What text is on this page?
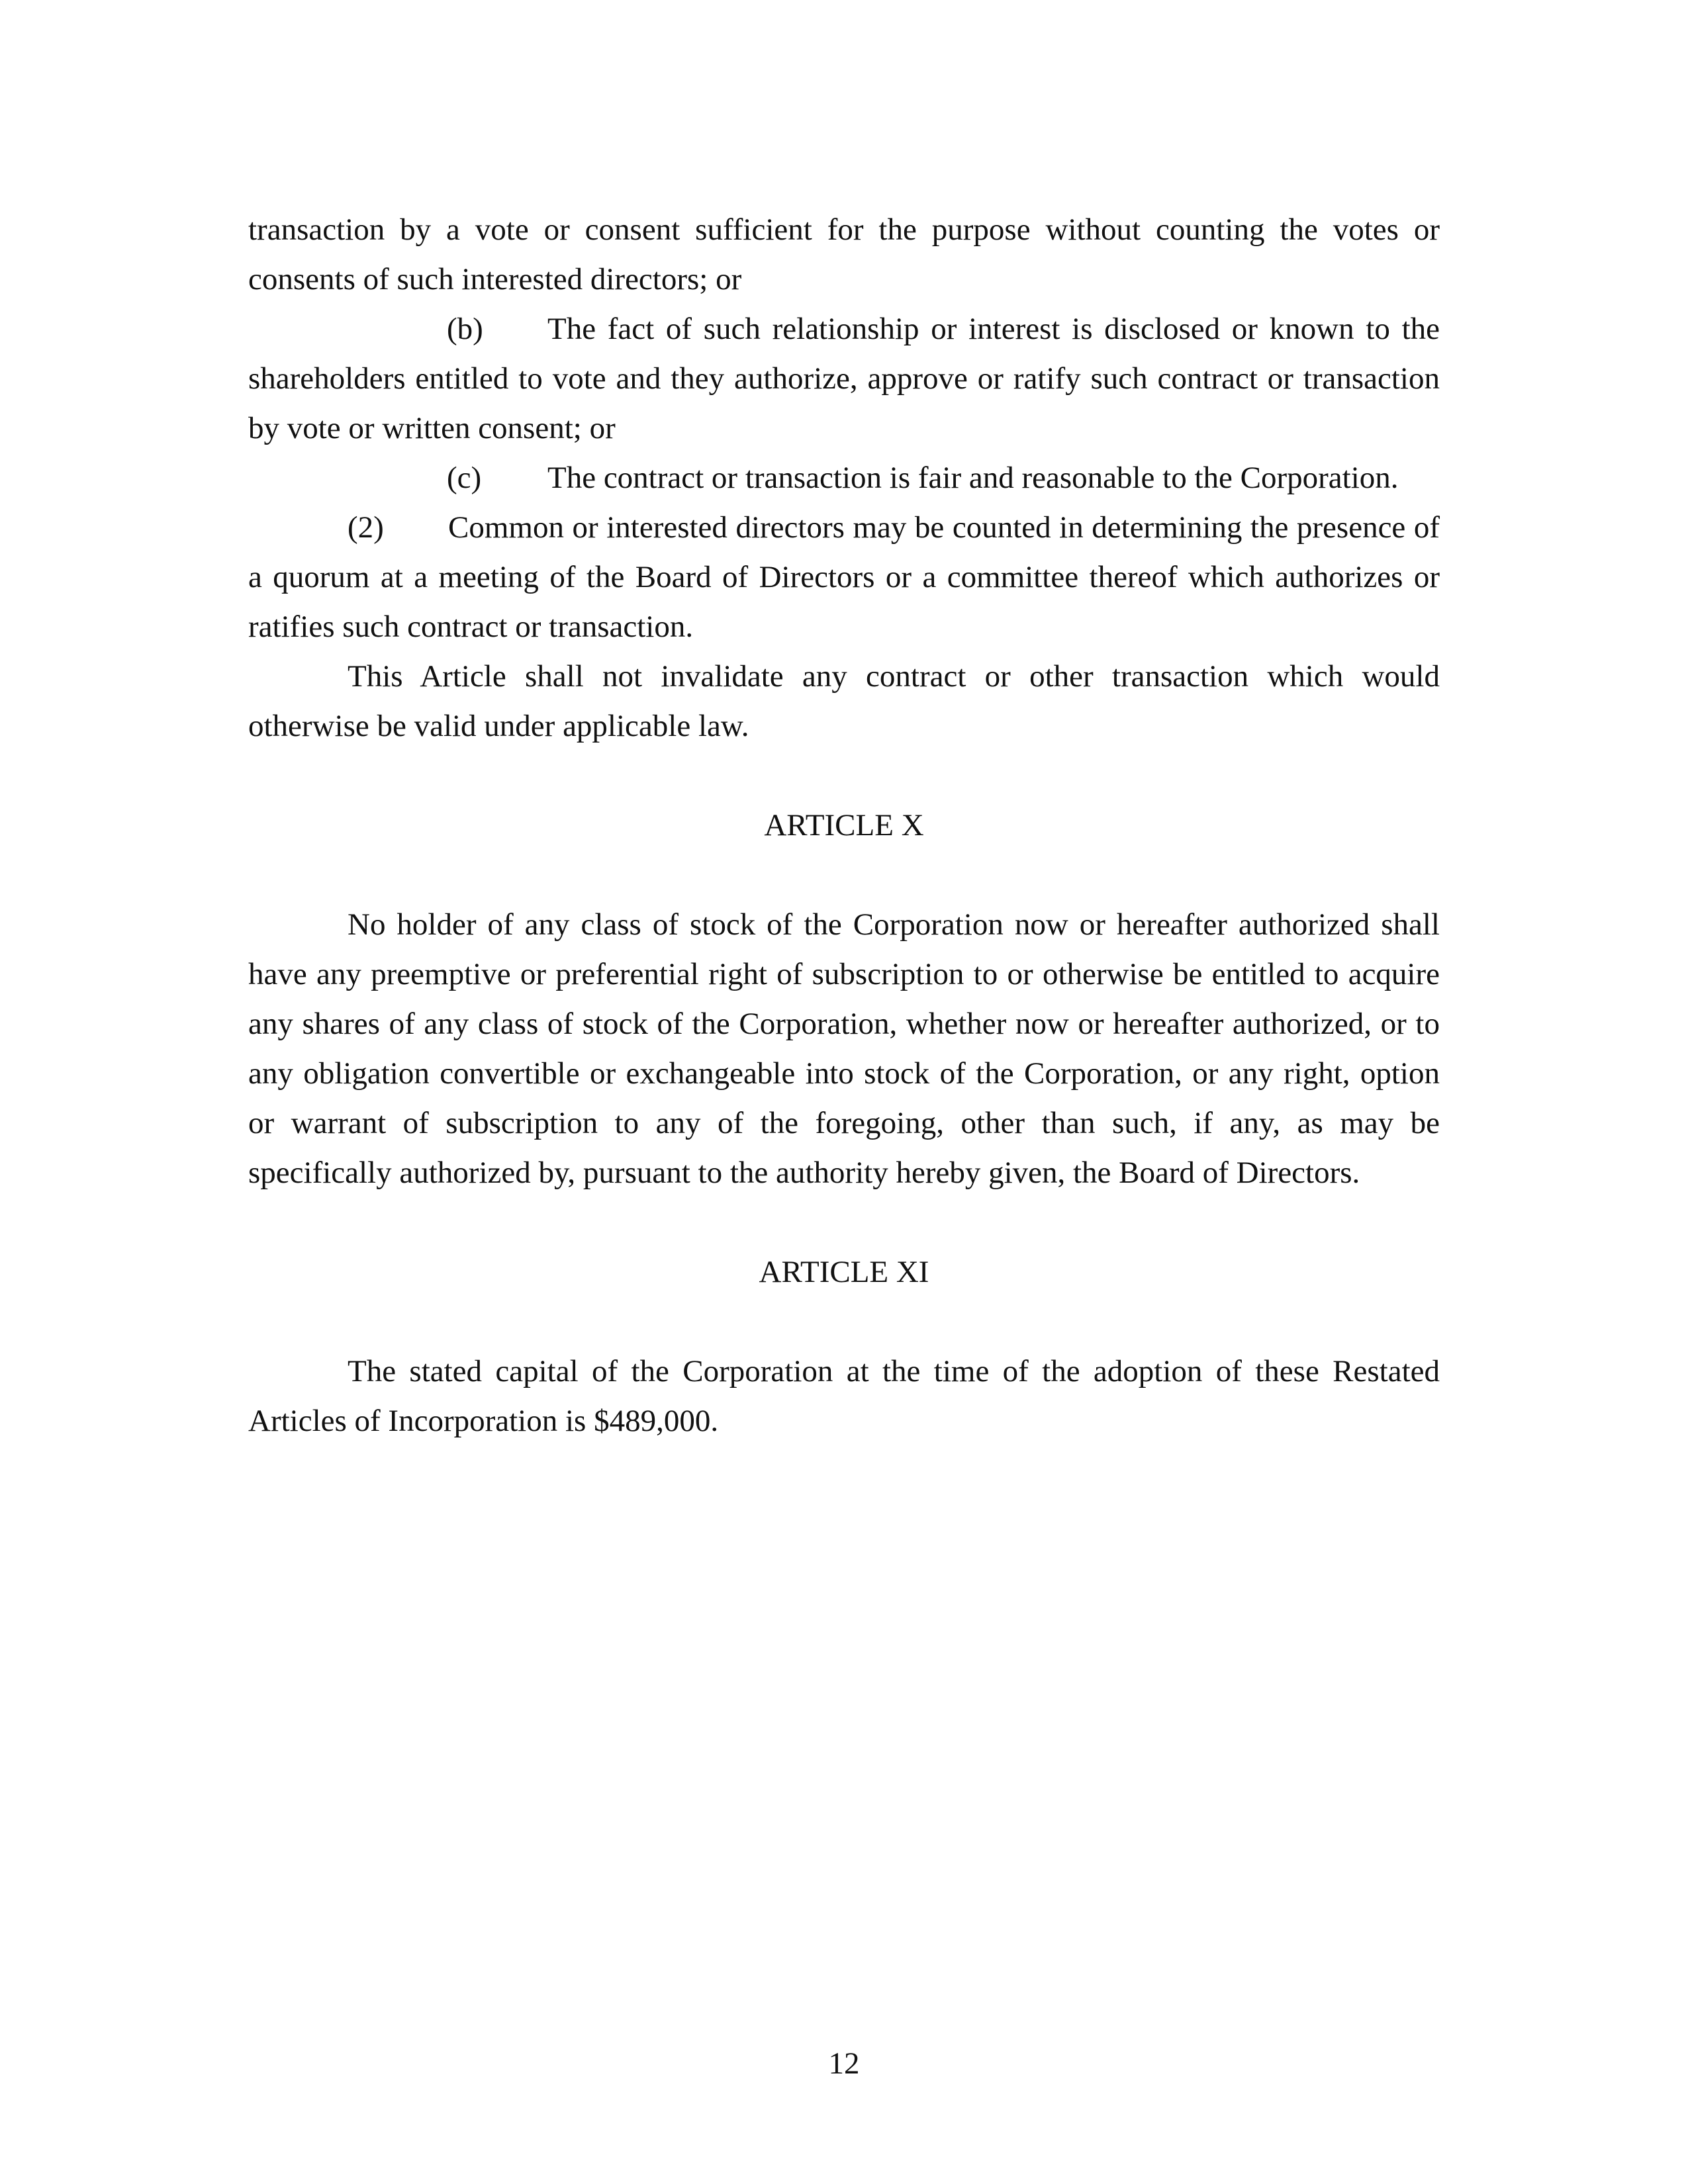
transaction by a vote or consent sufficient for the purpose without counting the votes or consents of such interested directors; or

(b) The fact of such relationship or interest is disclosed or known to the shareholders entitled to vote and they authorize, approve or ratify such contract or transaction by vote or written consent; or

(c) The contract or transaction is fair and reasonable to the Corporation.

(2) Common or interested directors may be counted in determining the presence of a quorum at a meeting of the Board of Directors or a committee thereof which authorizes or ratifies such contract or transaction.

This Article shall not invalidate any contract or other transaction which would otherwise be valid under applicable law.

ARTICLE X

No holder of any class of stock of the Corporation now or hereafter authorized shall have any preemptive or preferential right of subscription to or otherwise be entitled to acquire any shares of any class of stock of the Corporation, whether now or hereafter authorized, or to any obligation convertible or exchangeable into stock of the Corporation, or any right, option or warrant of subscription to any of the foregoing, other than such, if any, as may be specifically authorized by, pursuant to the authority hereby given, the Board of Directors.

ARTICLE XI

The stated capital of the Corporation at the time of the adoption of these Restated Articles of Incorporation is $489,000.

12
